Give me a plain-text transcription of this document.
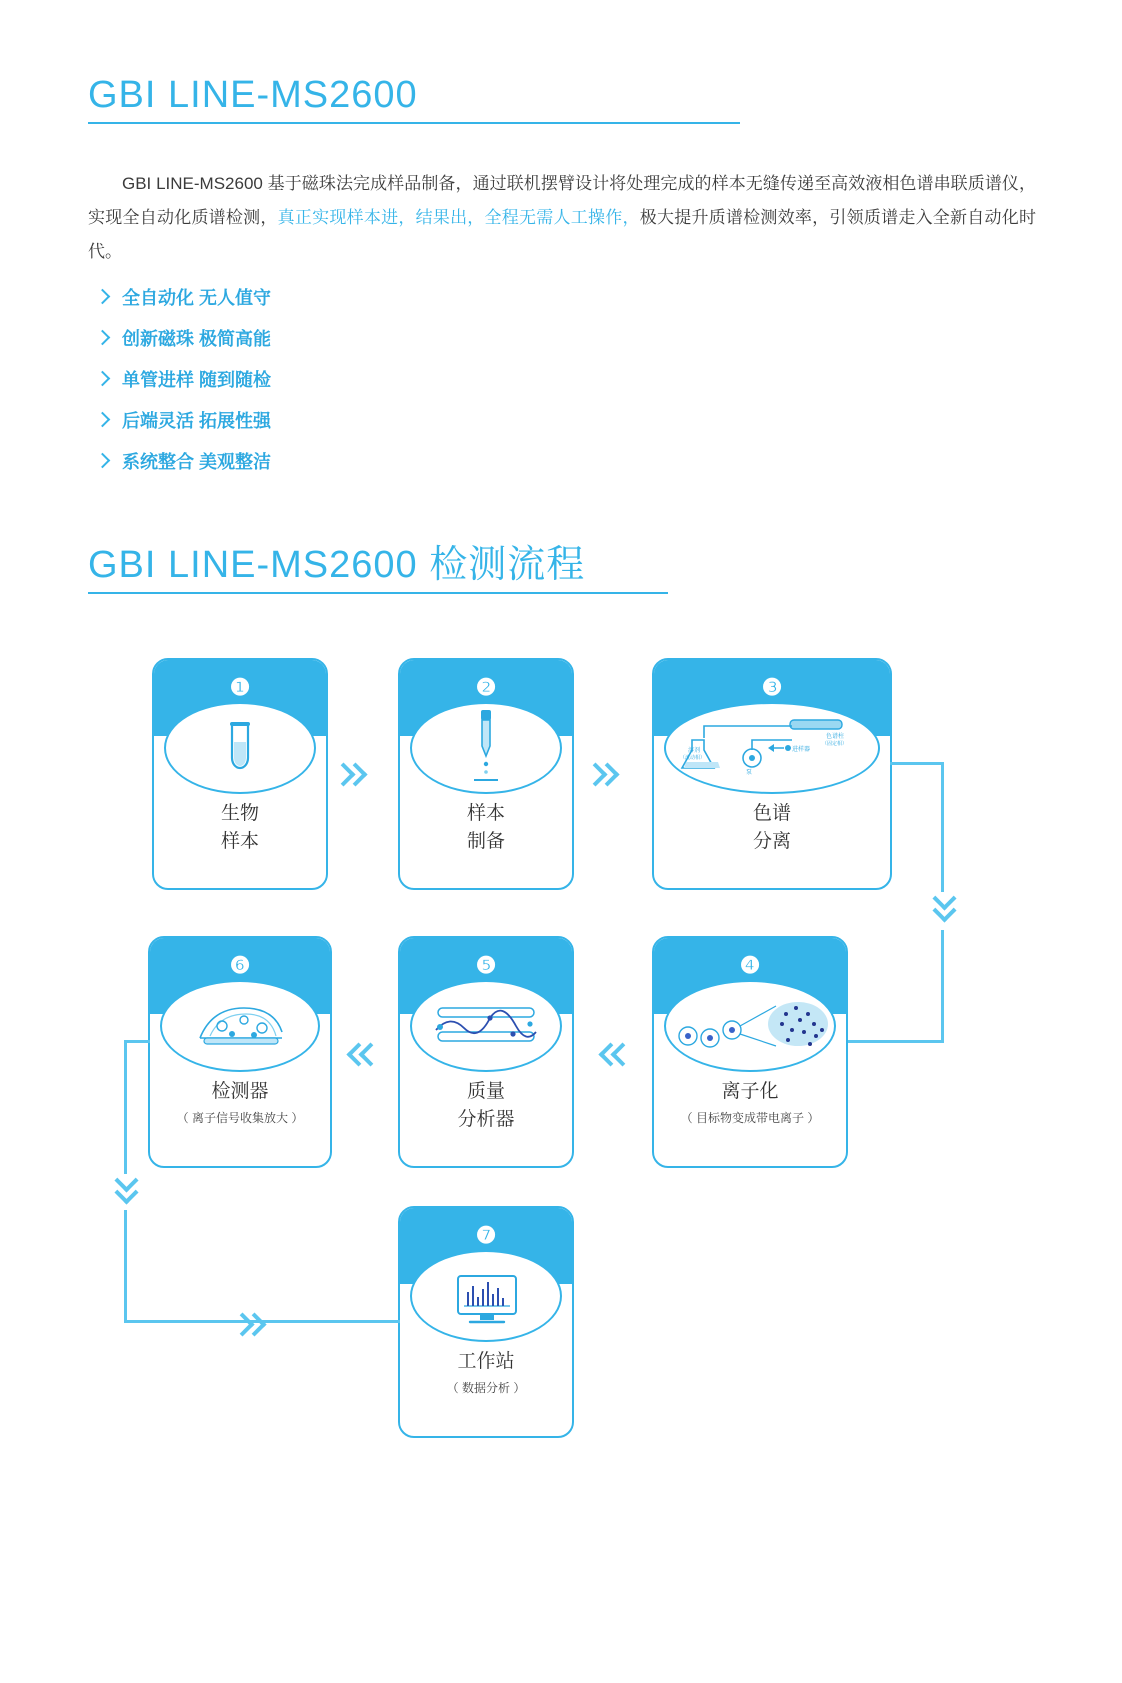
GBI LINE-MS2600

GBI LINE-MS2600 基于磁珠法完成样品制备，通过联机摆臂设计将处理完成的样本无缝传递至高效液相色谱串联质谱仪，实现全自动化质谱检测，真正实现样本进，结果出，全程无需人工操作，极大提升质谱检测效率，引领质谱走入全新自动化时代。

全自动化 无人值守
创新磁珠 极简高能
单管进样 随到随检
后端灵活 拓展性强
系统整合 美观整洁
GBI LINE-MS2600 检测流程
❶
生物
样本
❷
样本
制备
❸
色谱柱
（固定相）
溶剂
（流动相）
泵
进样器
色谱
分离
❻
检测器
（ 离子信号收集放大 ）
❺
质量
分析器
❹
离子化
（ 目标物变成带电离子 ）
❼
工作站
（ 数据分析 ）
